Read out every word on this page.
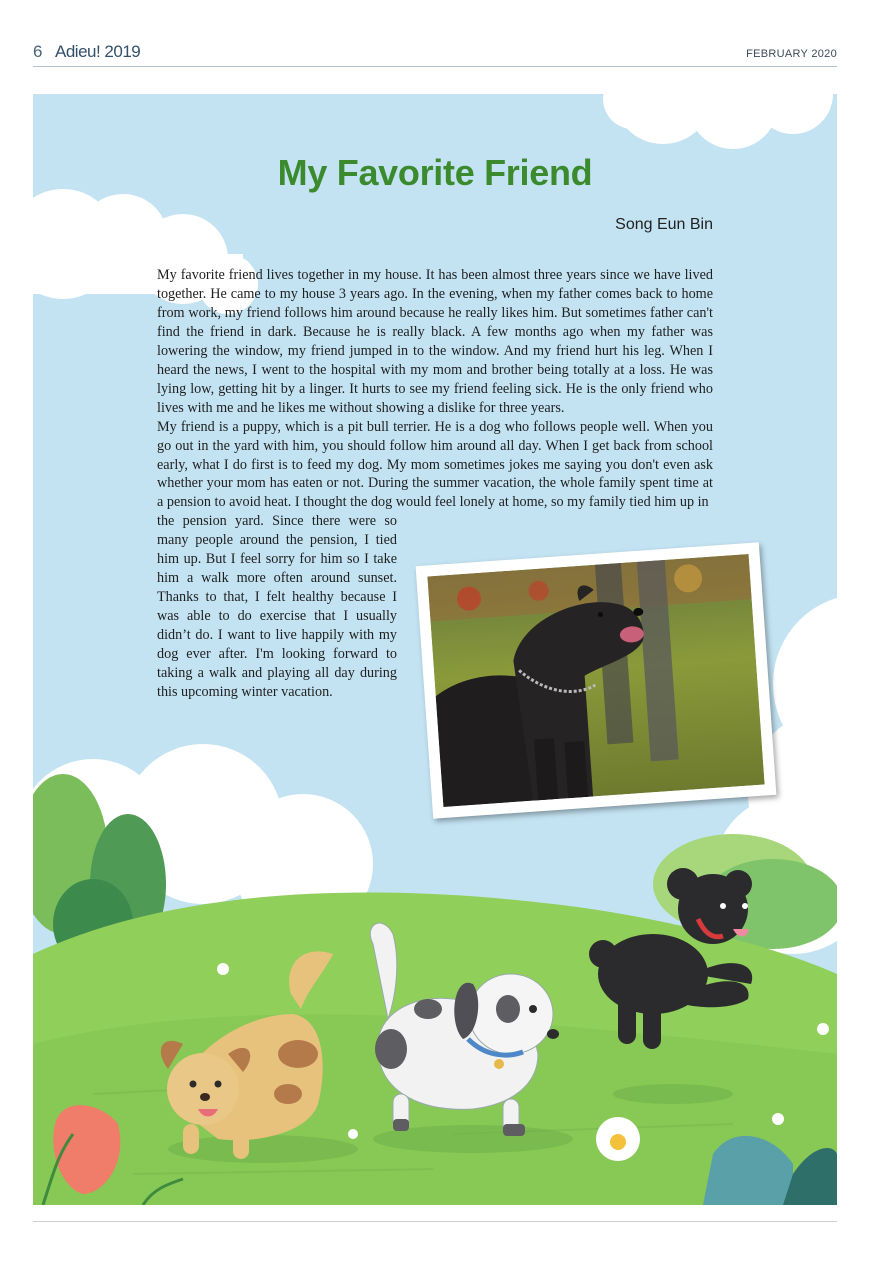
6 Adieu! 2019	FEBRUARY 2020
My Favorite Friend
Song Eun Bin

My favorite friend lives together in my house. It has been almost three years since we have lived together. He came to my house 3 years ago. In the evening, when my father comes back to home from work, my friend follows him around because he really likes him. But sometimes father can't find the friend in dark. Because he is really black. A few months ago when my father was lowering the window, my friend jumped in to the window. And my friend hurt his leg. When I heard the news, I went to the hospital with my mom and brother being totally at a loss. He was lying low, getting hit by a linger. It hurts to see my friend feeling sick. He is the only friend who lives with me and he likes me without showing a dislike for three years.

My friend is a puppy, which is a pit bull terrier. He is a dog who follows people well. When you go out in the yard with him, you should follow him around all day. When I get back from school early, what I do first is to feed my dog. My mom sometimes jokes me saying you don't even ask whether your mom has eaten or not. During the summer vacation, the whole family spent time at a pension to avoid heat. I thought the dog would feel lonely at home, so my family tied him up in

the pension yard. Since there were so many people around the pension, I tied him up. But I feel sorry for him so I take him a walk more often around sunset. Thanks to that, I felt healthy because I was able to do exercise that I usually didn’t do. I want to live happily with my dog ever after. I'm looking forward to taking a walk and playing all day during this upcoming winter vacation.
